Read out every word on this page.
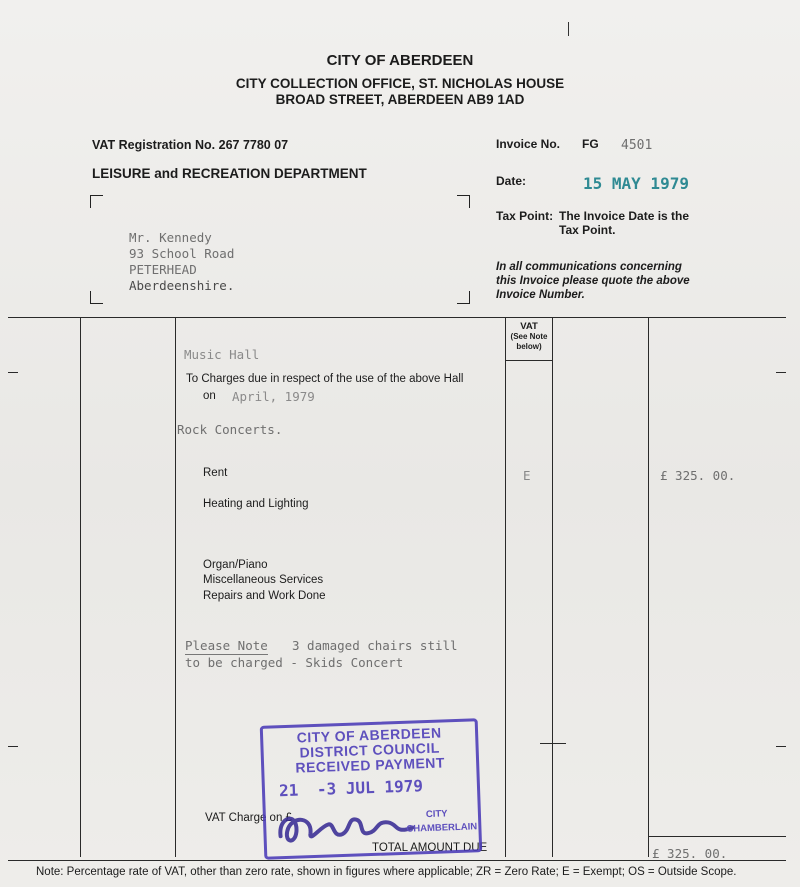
CITY OF ABERDEEN
CITY COLLECTION OFFICE, ST. NICHOLAS HOUSE
BROAD STREET, ABERDEEN AB9 1AD
VAT Registration No. 267 7780 07
LEISURE and RECREATION DEPARTMENT
Invoice No. FG 4501
Date:	15 MAY 1979
Tax Point: The Invoice Date is the
Tax Point.
In all communications concerning
this Invoice please quote the above
Invoice Number.
Mr. Kennedy
93 School Road
PETERHEAD
Aberdeenshire.
VAT
(See Note
below)
Music Hall
To Charges due in respect of the use of the above Hall
on April, 1979
Rock Concerts.
Rent	E	£ 325. 00.
Heating and Lighting
Organ/Piano
Miscellaneous Services
Repairs and Work Done
Please Note 3 damaged chairs still
to be charged - Skids Concert
VAT Charge on £
TOTAL AMOUNT DUE	£ 325. 00.
CITY OF ABERDEEN
DISTRICT COUNCIL
RECEIVED PAYMENT
21 -3 JUL 1979
CITY
CHAMBERLAIN
Note: Percentage rate of VAT, other than zero rate, shown in figures where applicable; ZR = Zero Rate; E = Exempt; OS = Outside Scope.
